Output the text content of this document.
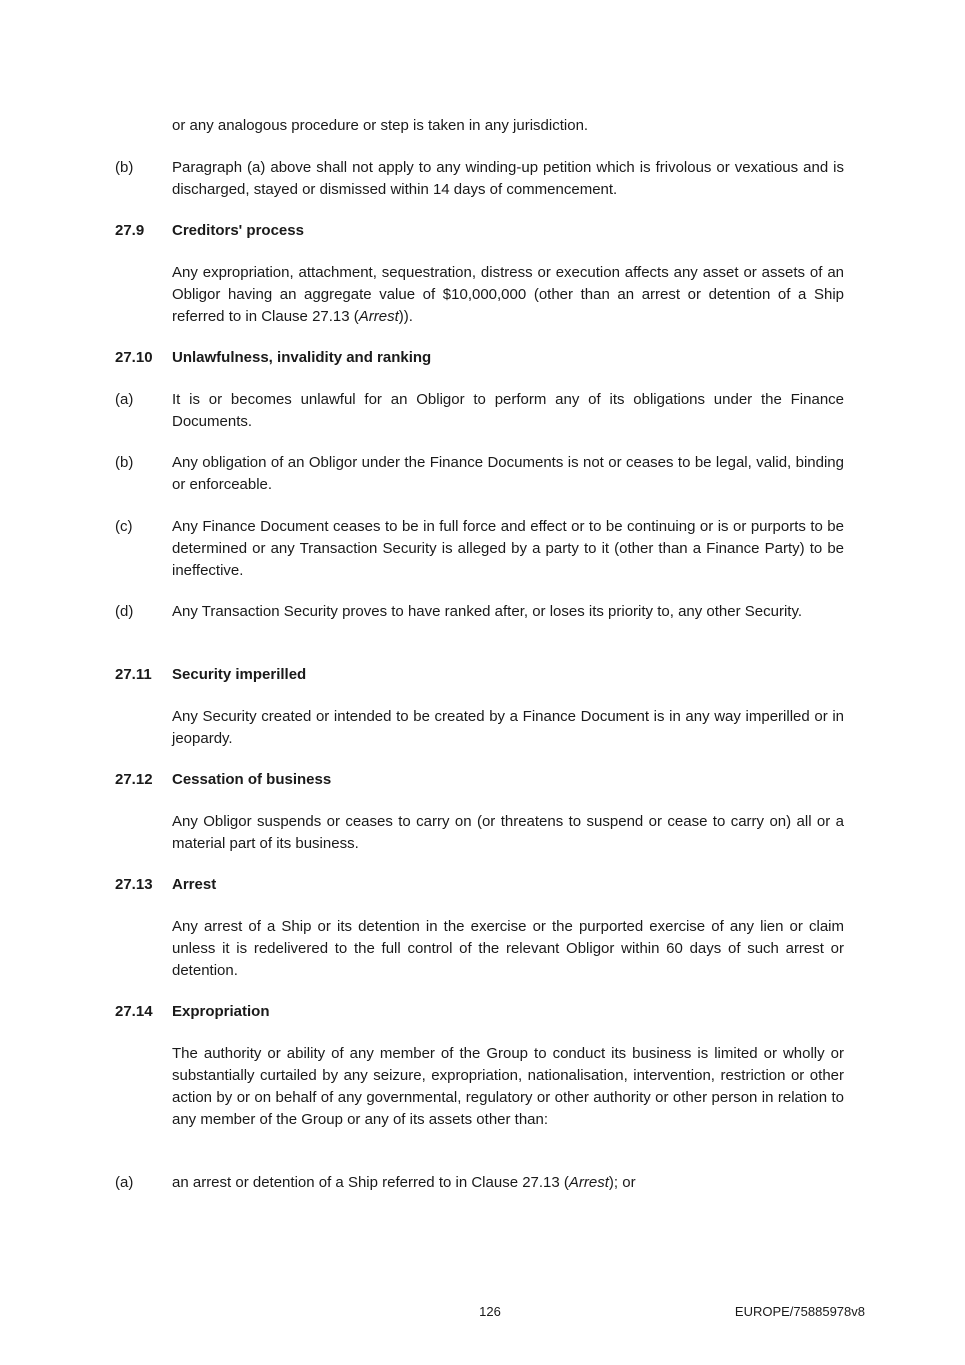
or any analogous procedure or step is taken in any jurisdiction.
(b)	Paragraph (a) above shall not apply to any winding-up petition which is frivolous or vexatious and is discharged, stayed or dismissed within 14 days of commencement.
27.9 Creditors' process
Any expropriation, attachment, sequestration, distress or execution affects any asset or assets of an Obligor having an aggregate value of $10,000,000 (other than an arrest or detention of a Ship referred to in Clause 27.13 (Arrest)).
27.10 Unlawfulness, invalidity and ranking
(a)	It is or becomes unlawful for an Obligor to perform any of its obligations under the Finance Documents.
(b)	Any obligation of an Obligor under the Finance Documents is not or ceases to be legal, valid, binding or enforceable.
(c)	Any Finance Document ceases to be in full force and effect or to be continuing or is or purports to be determined or any Transaction Security is alleged by a party to it (other than a Finance Party) to be ineffective.
(d)	Any Transaction Security proves to have ranked after, or loses its priority to, any other Security.
27.11 Security imperilled
Any Security created or intended to be created by a Finance Document is in any way imperilled or in jeopardy.
27.12 Cessation of business
Any Obligor suspends or ceases to carry on (or threatens to suspend or cease to carry on) all or a material part of its business.
27.13 Arrest
Any arrest of a Ship or its detention in the exercise or the purported exercise of any lien or claim unless it is redelivered to the full control of the relevant Obligor within 60 days of such arrest or detention.
27.14 Expropriation
The authority or ability of any member of the Group to conduct its business is limited or wholly or substantially curtailed by any seizure, expropriation, nationalisation, intervention, restriction or other action by or on behalf of any governmental, regulatory or other authority or other person in relation to any member of the Group or any of its assets other than:
(a)	an arrest or detention of a Ship referred to in Clause 27.13 (Arrest); or
126	EUROPE/75885978v8
